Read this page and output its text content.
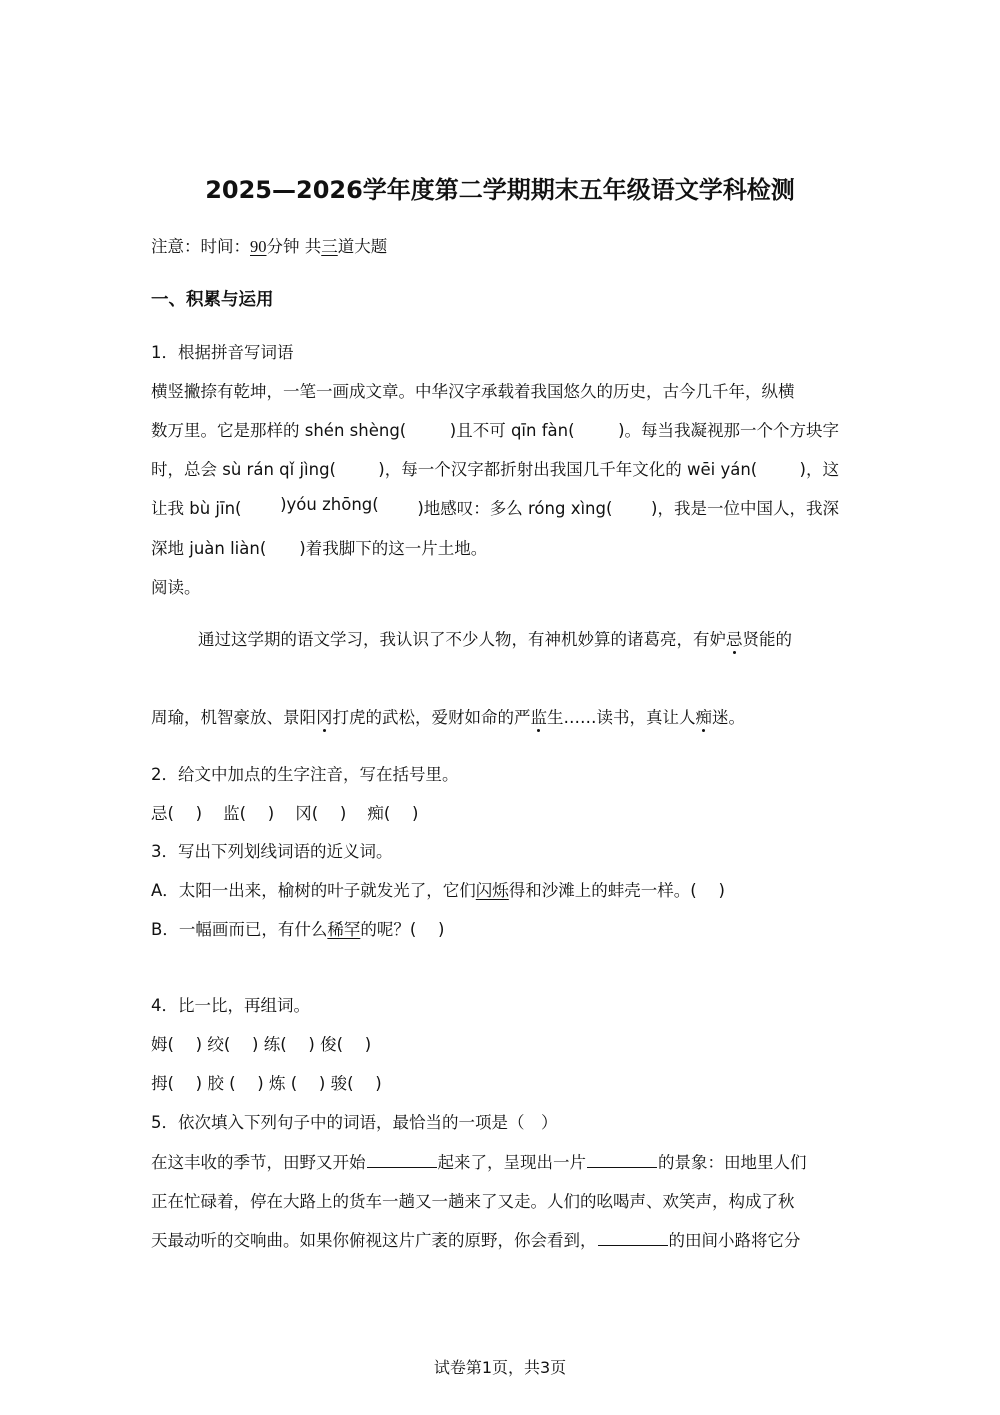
2025—2026学年度第二学期期末五年级语文学科检测
注意：时间：90分钟 共三道大题
一、积累与运用
1．根据拼音写词语
横竖撇捺有乾坤，一笔一画成文章。中华汉字承载着我国悠久的历史，古今几千年，纵横
数万里。它是那样的 shén shèng(	)且不可 qīn fàn(	)。每当我凝视那一个个方块字
时，总会 sù rán qǐ jìng(	)，每一个汉字都折射出我国几千年文化的 wēi yán(	)，这
让我 bù jīn( )yóu zhōng( )地感叹：多么 róng xìng( )，我是一位中国人，我深
深地 juàn liàn(　　)着我脚下的这一片土地。
阅读。
通过这学期的语文学习，我认识了不少人物，有神机妙算的诸葛亮，有妒忌贤能的
周瑜，机智豪放、景阳冈打虎的武松，爱财如命的严监生……读书，真让人痴迷。
2．给文中加点的生字注音，写在括号里。
忌(　 ) 监(　 ) 冈(　 ) 痴(　 )
3．写出下列划线词语的近义词。
A．太阳一出来，榆树的叶子就发光了，它们闪烁得和沙滩上的蚌壳一样。(　 )
B．一幅画而已，有什么稀罕的呢？(　 )
4．比一比，再组词。
姆(　 ) 绞(　 ) 练(　 ) 俊(　 )
拇(　 ) 胶 (　 ) 炼 (　 ) 骏(　 )
5．依次填入下列句子中的词语，最恰当的一项是（　）
在这丰收的季节，田野又开始	起来了，呈现出一片	的景象：田地里人们
正在忙碌着，停在大路上的货车一趟又一趟来了又走。人们的吆喝声、欢笑声，构成了秋
天最动听的交响曲。如果你俯视这片广袤的原野，你会看到，	的田间小路将它分
试卷第1页，共3页
